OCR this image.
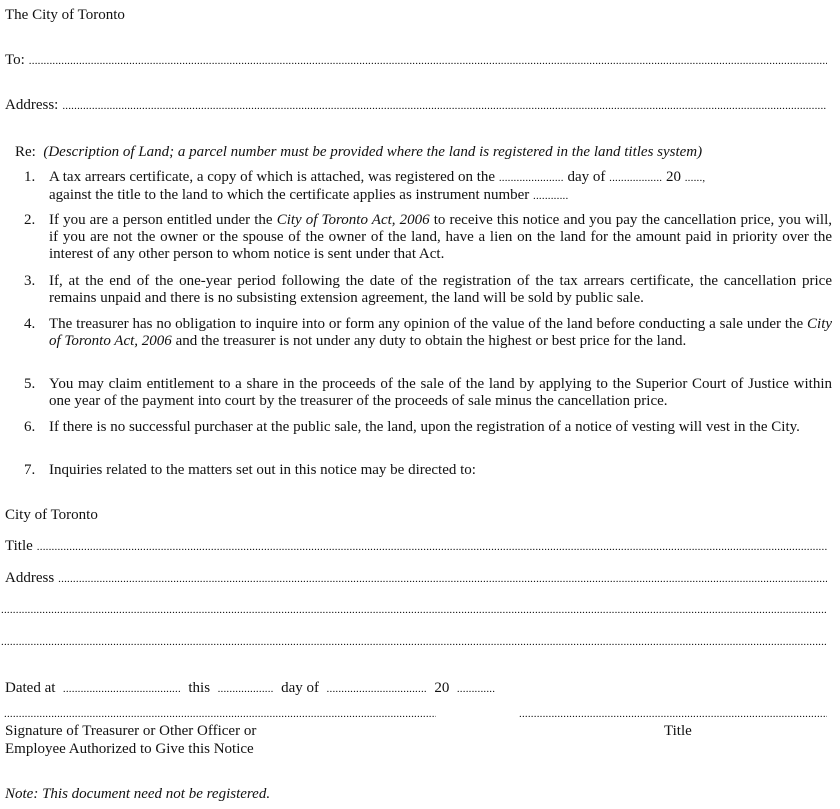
The City of Toronto
To:
.....
Address:
.....
Re: (Description of Land; a parcel number must be provided where the land is registered in the land titles system)
1. A tax arrears certificate, a copy of which is attached, was registered on the ...................... day of .................. 20 ......,
against the title to the land to which the certificate applies as instrument number ............
2. If you are a person entitled under the City of Toronto Act, 2006 to receive this notice and you pay the cancellation price, you will, if you are not the owner or the spouse of the owner of the land, have a lien on the land for the amount paid in priority over the interest of any other person to whom notice is sent under that Act.
3. If, at the end of the one-year period following the date of the registration of the tax arrears certificate, the cancellation price remains unpaid and there is no subsisting extension agreement, the land will be sold by public sale.
4. The treasurer has no obligation to inquire into or form any opinion of the value of the land before conducting a sale under the City of Toronto Act, 2006 and the treasurer is not under any duty to obtain the highest or best price for the land.
5. You may claim entitlement to a share in the proceeds of the sale of the land by applying to the Superior Court of Justice within one year of the payment into court by the treasurer of the proceeds of sale minus the cancellation price.
6. If there is no successful purchaser at the public sale, the land, upon the registration of a notice of vesting will vest in the City.
7. Inquiries related to the matters set out in this notice may be directed to:
City of Toronto
Title
.....
Address
.....
.....
.....
Dated at ........................................ this ................... day of .................................. 20 .............
.....
.....
Signature of Treasurer or Other Officer or
Employee Authorized to Give this Notice
Title
Note: This document need not be registered.
